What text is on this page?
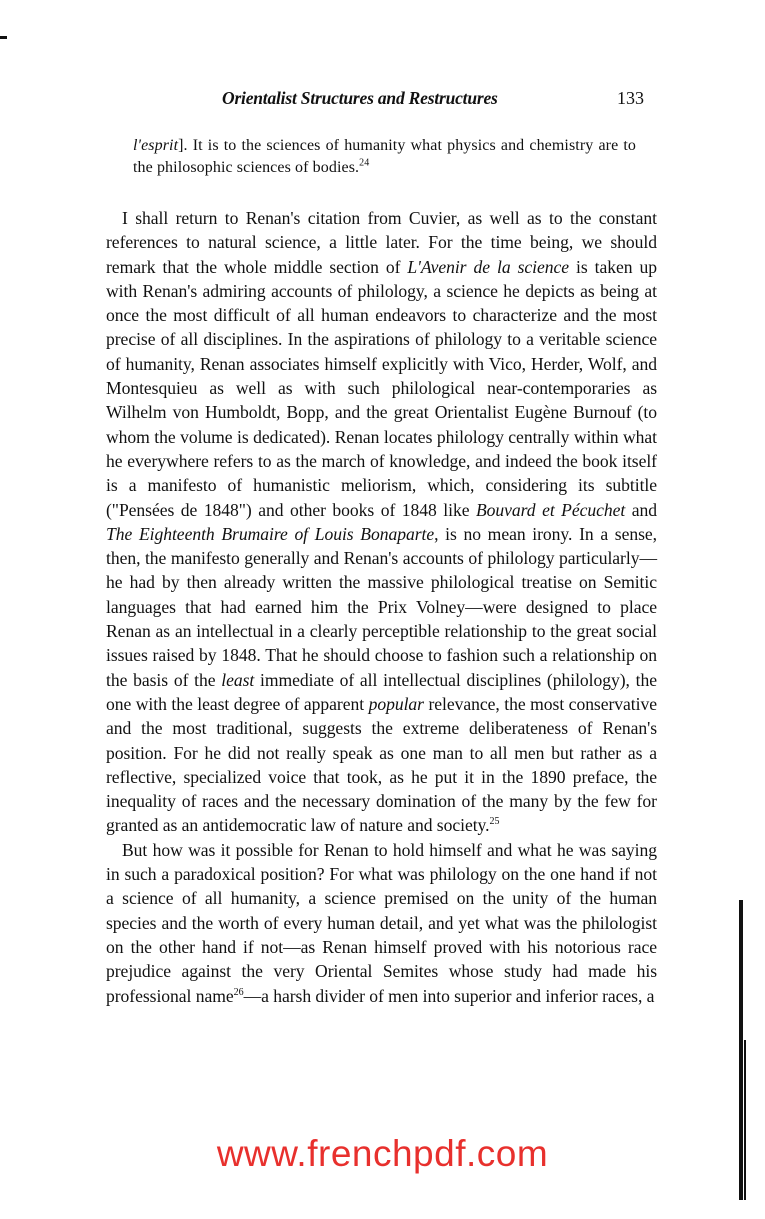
Orientalist Structures and Restructures	133
l'esprit]. It is to the sciences of humanity what physics and chemistry are to the philosophic sciences of bodies.$^{24}$

I shall return to Renan's citation from Cuvier, as well as to the constant references to natural science, a little later. For the time being, we should remark that the whole middle section of L'Avenir de la science is taken up with Renan's admiring accounts of philology, a science he depicts as being at once the most difficult of all human endeavors to characterize and the most precise of all disciplines. In the aspirations of philology to a veritable science of humanity, Renan associates himself explicitly with Vico, Herder, Wolf, and Montesquieu as well as with such philological near-contemporaries as Wilhelm von Humboldt, Bopp, and the great Orientalist Eugène Burnouf (to whom the volume is dedicated). Renan locates philology centrally within what he everywhere refers to as the march of knowledge, and indeed the book itself is a manifesto of humanistic meliorism, which, considering its subtitle ("Pensées de 1848") and other books of 1848 like Bouvard et Pécuchet and The Eighteenth Brumaire of Louis Bonaparte, is no mean irony. In a sense, then, the manifesto generally and Renan's accounts of philology particularly—he had by then already written the massive philological treatise on Semitic languages that had earned him the Prix Volney—were designed to place Renan as an intellectual in a clearly perceptible relationship to the great social issues raised by 1848. That he should choose to fashion such a relationship on the basis of the least immediate of all intellectual disciplines (philology), the one with the least degree of apparent popular relevance, the most conservative and the most traditional, suggests the extreme deliberateness of Renan's position. For he did not really speak as one man to all men but rather as a reflective, specialized voice that took, as he put it in the 1890 preface, the inequality of races and the necessary domination of the many by the few for granted as an antidemocratic law of nature and society.$^{25}$

But how was it possible for Renan to hold himself and what he was saying in such a paradoxical position? For what was philology on the one hand if not a science of all humanity, a science premised on the unity of the human species and the worth of every human detail, and yet what was the philologist on the other hand if not—as Renan himself proved with his notorious race prejudice against the very Oriental Semites whose study had made his professional name$^{26}$—a harsh divider of men into superior and inferior races, a

www.frenchpdf.com
